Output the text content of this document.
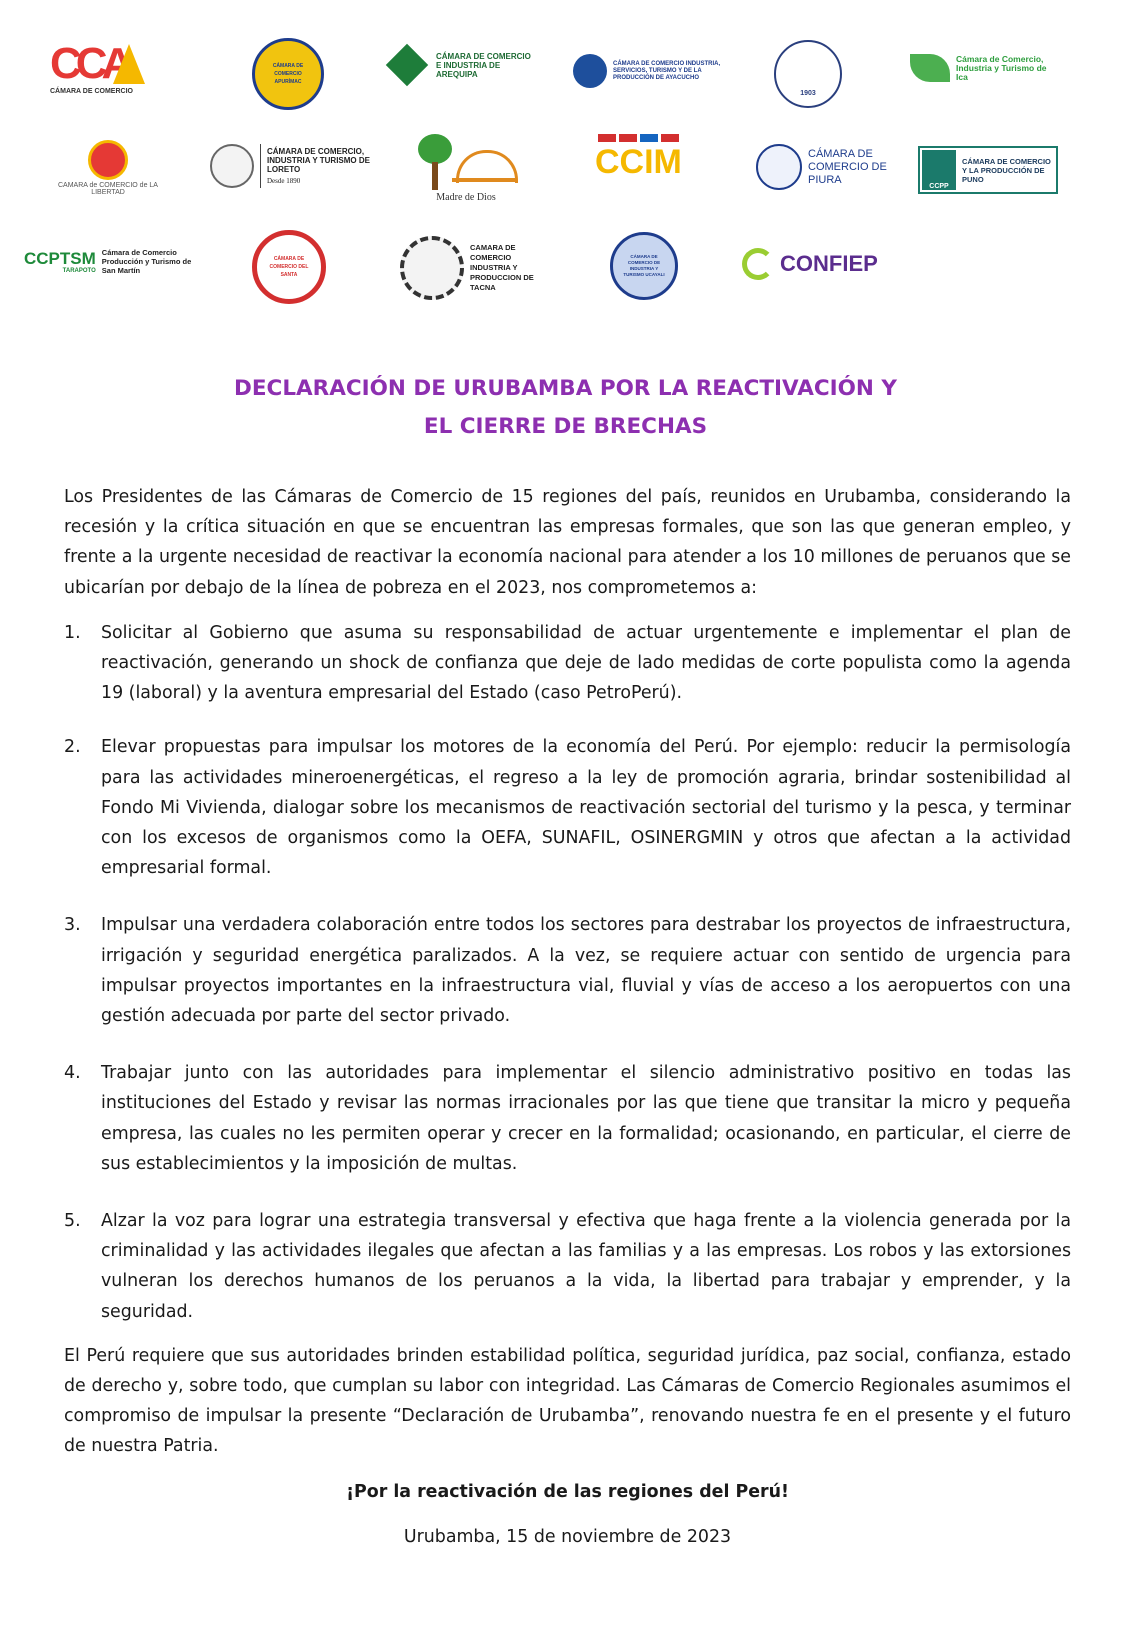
CCA
CÁMARA DE COMERCIO
CÁMARA DE COMERCIO APURÍMAC
CÁMARA DE COMERCIO E INDUSTRIA DE AREQUIPA
CÁMARA DE COMERCIO INDUSTRIA, SERVICIOS, TURISMO Y DE LA PRODUCCIÓN DE AYACUCHO
1903
Cámara de Comercio, Industria y Turismo de Ica
CAMARA de COMERCIO de LA LIBERTAD
CÁMARA DE COMERCIO, INDUSTRIA Y TURISMO DE LORETO
Desde 1890
Madre de Dios
CCIM	CÁMARA DE COMERCIO DE PIURA
CCPP
CÁMARA DE COMERCIO Y LA PRODUCCIÓN DE PUNO
CCPTSM
TARAPOTO
Cámara de Comercio Producción y Turismo de San Martín
CÁMARA DE COMERCIO DEL SANTA
CAMARA DE COMERCIO INDUSTRIA Y PRODUCCION DE TACNA
CÁMARA DE COMERCIO DE INDUSTRIA Y TURISMO UCAYALI	CONFIEP
DECLARACIÓN DE URUBAMBA POR LA REACTIVACIÓN Y
EL CIERRE DE BRECHAS

Los Presidentes de las Cámaras de Comercio de 15 regiones del país, reunidos en Urubamba, considerando la recesión y la crítica situación en que se encuentran las empresas formales, que son las que generan empleo, y frente a la urgente necesidad de reactivar la economía nacional para atender a los 10 millones de peruanos que se ubicarían por debajo de la línea de pobreza en el 2023, nos comprometemos a:

1.	Solicitar al Gobierno que asuma su responsabilidad de actuar urgentemente e implementar el plan de reactivación, generando un shock de confianza que deje de lado medidas de corte populista como la agenda 19 (laboral) y la aventura empresarial del Estado (caso PetroPerú).
2.	Elevar propuestas para impulsar los motores de la economía del Perú. Por ejemplo: reducir la permisología para las actividades mineroenergéticas, el regreso a la ley de promoción agraria, brindar sostenibilidad al Fondo Mi Vivienda, dialogar sobre los mecanismos de reactivación sectorial del turismo y la pesca, y terminar con los excesos de organismos como la OEFA, SUNAFIL, OSINERGMIN y otros que afectan a la actividad empresarial formal.
3.	Impulsar una verdadera colaboración entre todos los sectores para destrabar los proyectos de infraestructura, irrigación y seguridad energética paralizados. A la vez, se requiere actuar con sentido de urgencia para impulsar proyectos importantes en la infraestructura vial, fluvial y vías de acceso a los aeropuertos con una gestión adecuada por parte del sector privado.
4.	Trabajar junto con las autoridades para implementar el silencio administrativo positivo en todas las instituciones del Estado y revisar las normas irracionales por las que tiene que transitar la micro y pequeña empresa, las cuales no les permiten operar y crecer en la formalidad; ocasionando, en particular, el cierre de sus establecimientos y la imposición de multas.
5.	Alzar la voz para lograr una estrategia transversal y efectiva que haga frente a la violencia generada por la criminalidad y las actividades ilegales que afectan a las familias y a las empresas. Los robos y las extorsiones vulneran los derechos humanos de los peruanos a la vida, la libertad para trabajar y emprender, y la seguridad.

El Perú requiere que sus autoridades brinden estabilidad política, seguridad jurídica, paz social, confianza, estado de derecho y, sobre todo, que cumplan su labor con integridad. Las Cámaras de Comercio Regionales asumimos el compromiso de impulsar la presente “Declaración de Urubamba”, renovando nuestra fe en el presente y el futuro de nuestra Patria.

¡Por la reactivación de las regiones del Perú!

Urubamba, 15 de noviembre de 2023
